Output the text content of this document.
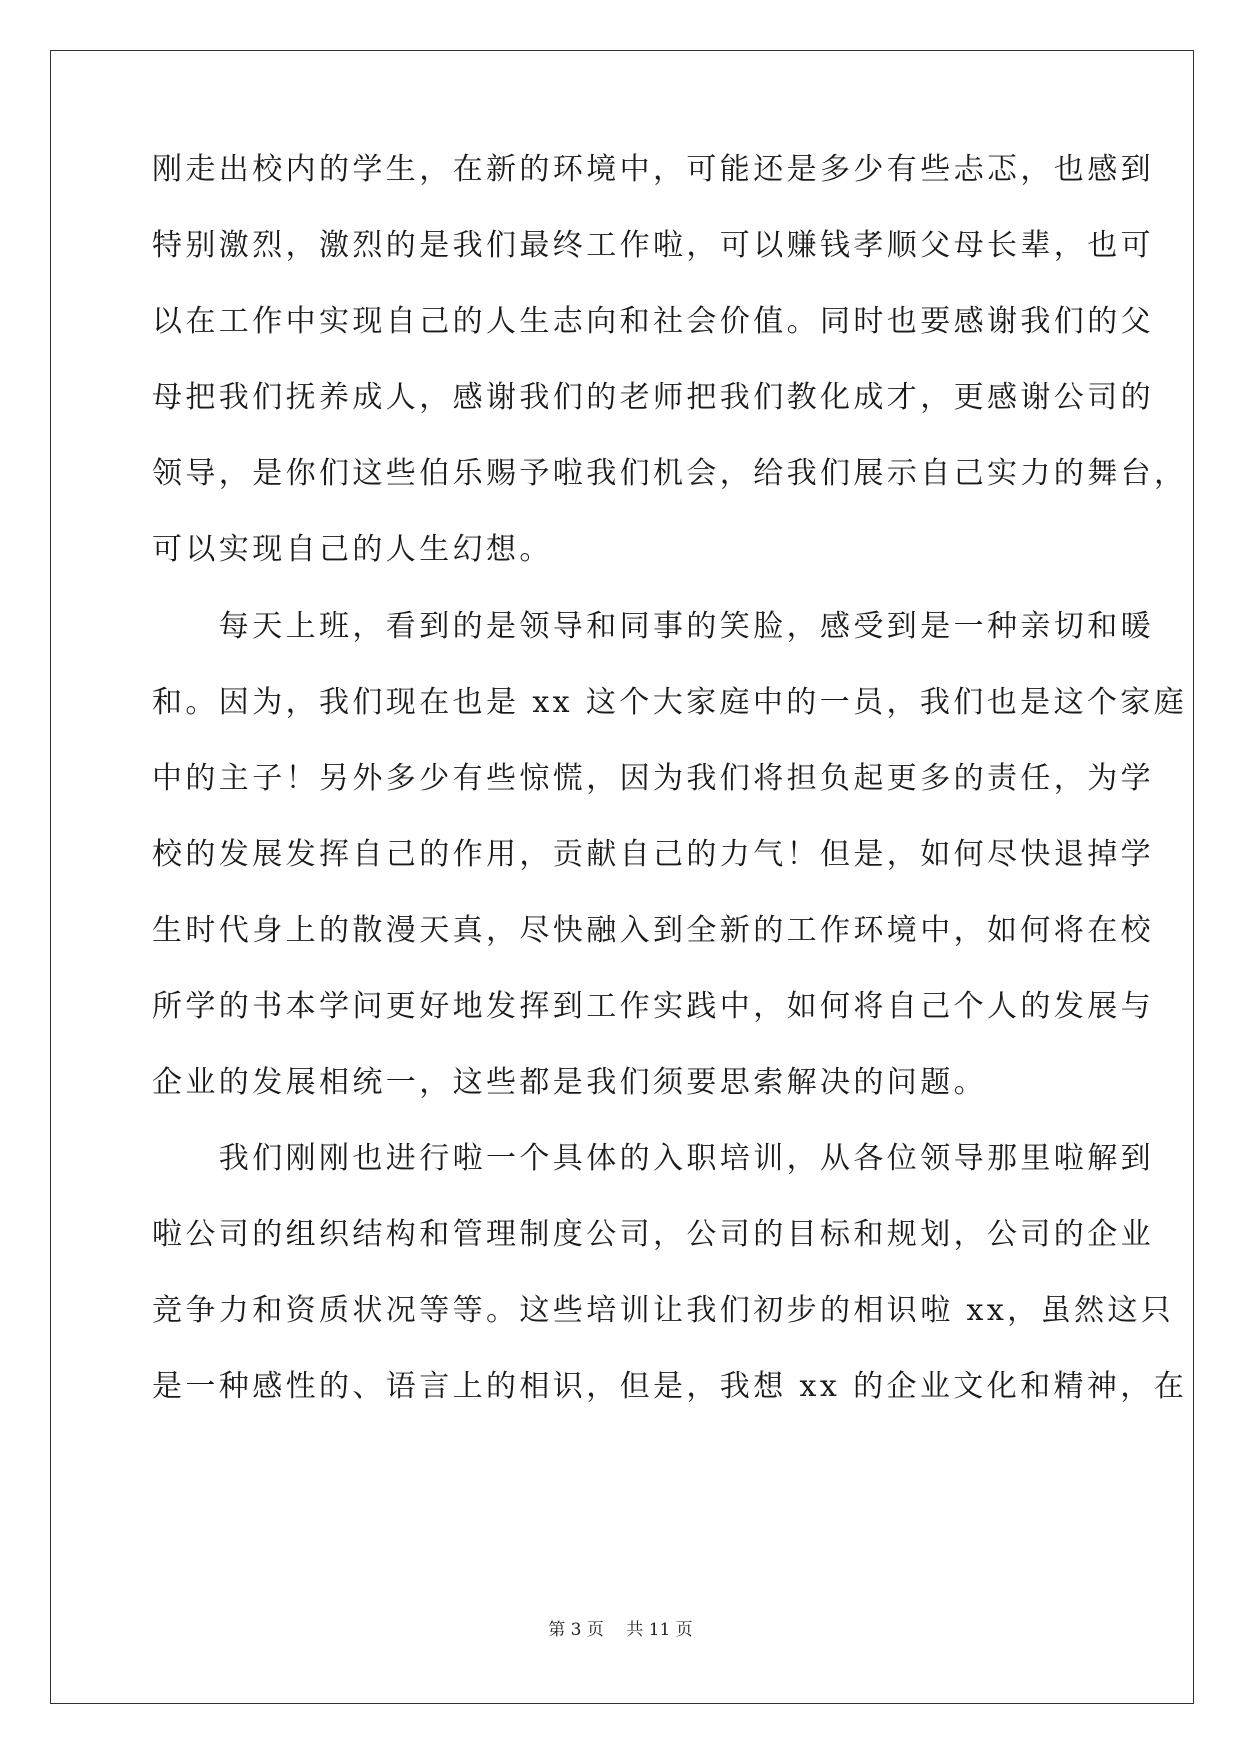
刚走出校内的学生，在新的环境中，可能还是多少有些忐忑，也感到
特别激烈，激烈的是我们最终工作啦，可以赚钱孝顺父母长辈，也可
以在工作中实现自己的人生志向和社会价值。同时也要感谢我们的父
母把我们抚养成人，感谢我们的老师把我们教化成才，更感谢公司的
领导，是你们这些伯乐赐予啦我们机会，给我们展示自己实力的舞台，
可以实现自己的人生幻想。
　　每天上班，看到的是领导和同事的笑脸，感受到是一种亲切和暖
和。因为，我们现在也是 xx 这个大家庭中的一员，我们也是这个家庭
中的主子！另外多少有些惊慌，因为我们将担负起更多的责任，为学
校的发展发挥自己的作用，贡献自己的力气！但是，如何尽快退掉学
生时代身上的散漫天真，尽快融入到全新的工作环境中，如何将在校
所学的书本学问更好地发挥到工作实践中，如何将自己个人的发展与
企业的发展相统一，这些都是我们须要思索解决的问题。
　　我们刚刚也进行啦一个具体的入职培训，从各位领导那里啦解到
啦公司的组织结构和管理制度公司，公司的目标和规划，公司的企业
竞争力和资质状况等等。这些培训让我们初步的相识啦 xx，虽然这只
是一种感性的、语言上的相识，但是，我想 xx 的企业文化和精神，在
第 3 页　 共 11 页
